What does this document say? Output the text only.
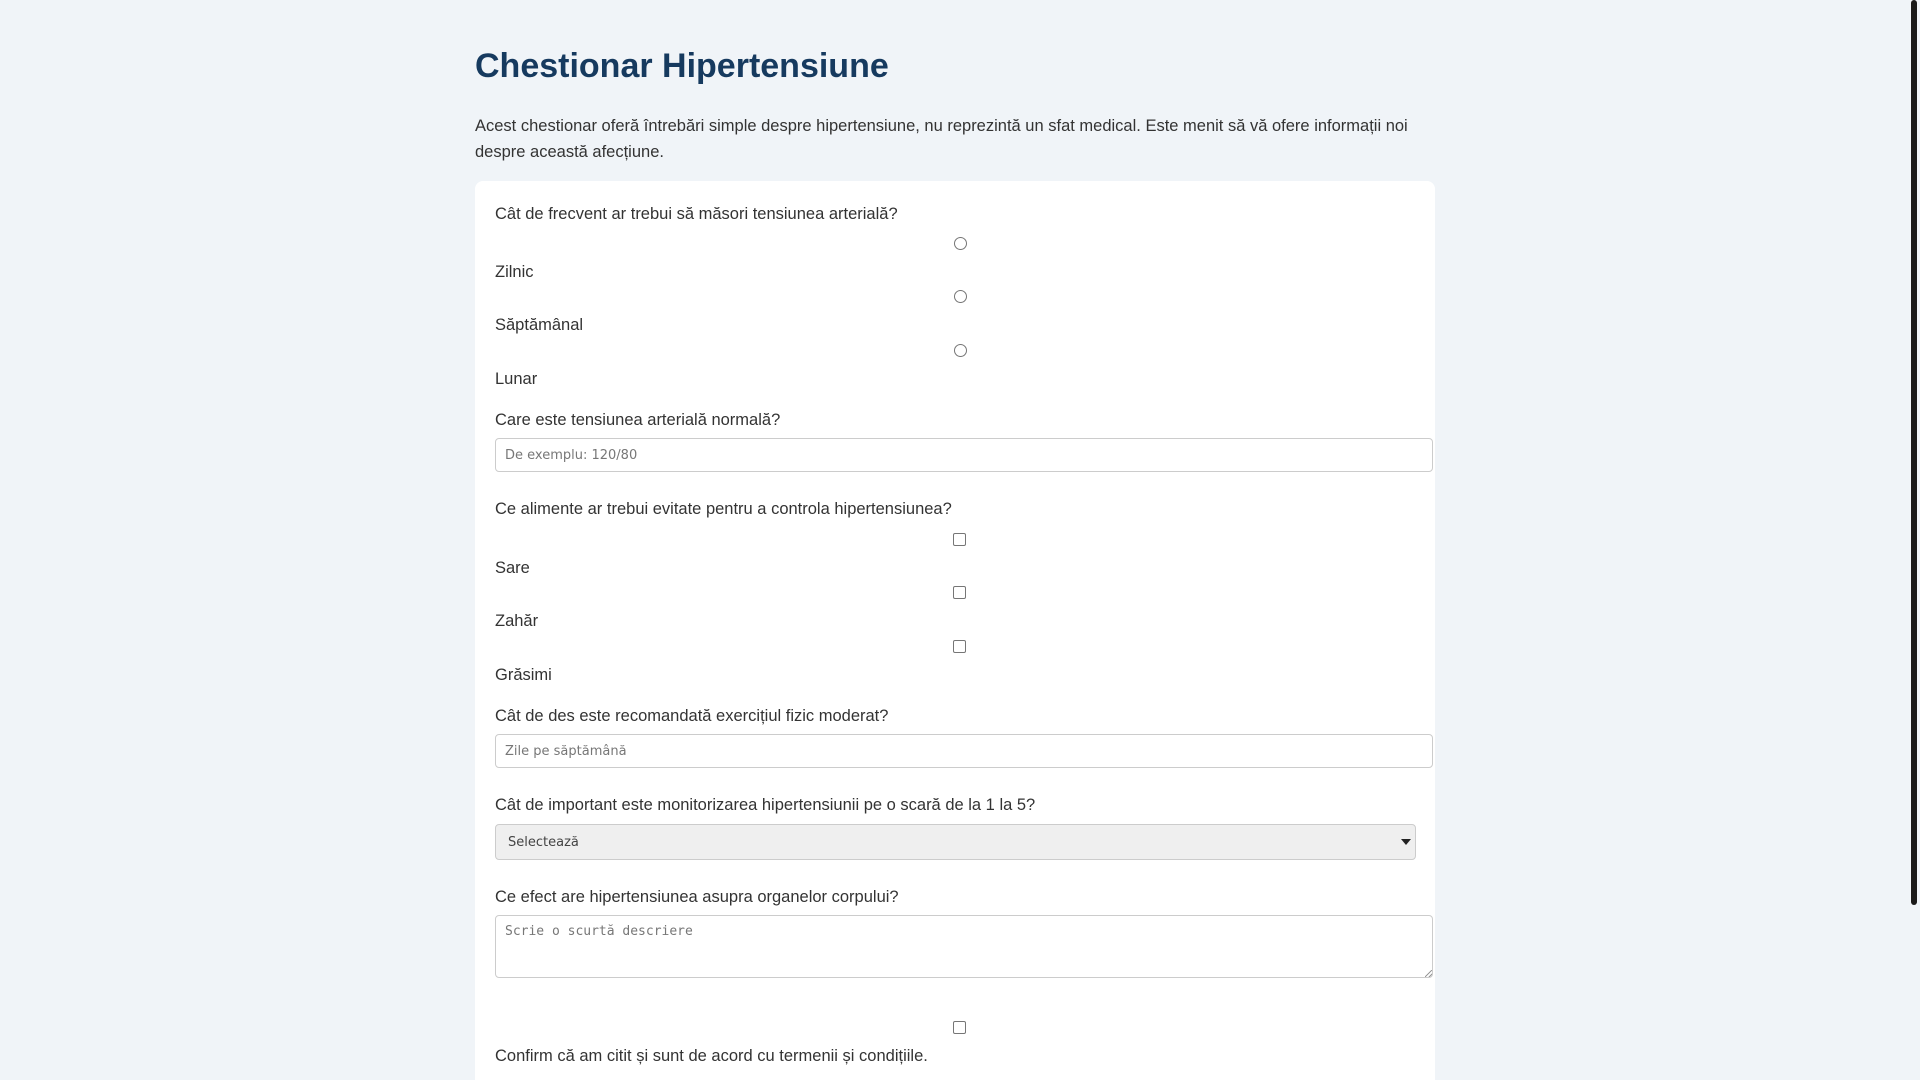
Chestionar Hipertensiune

Acest chestionar oferă întrebări simple despre hipertensiune, nu reprezintă un sfat medical. Este menit să vă ofere informații noi despre această afecțiune.

Cât de frecvent ar trebui să măsori tensiunea arterială?
Zilnic
Săptămânal
Lunar
Care este tensiunea arterială normală?
De exemplu: 120/80
Ce alimente ar trebui evitate pentru a controla hipertensiunea?
Sare
Zahăr
Grăsimi
Cât de des este recomandată exercițiul fizic moderat?
Zile pe săptămână
Cât de important este monitorizarea hipertensiunii pe o scară de la 1 la 5?
Selectează
Ce efect are hipertensiunea asupra organelor corpului?
Scrie o scurtă descriere
Confirm că am citit și sunt de acord cu termenii și condițiile.
